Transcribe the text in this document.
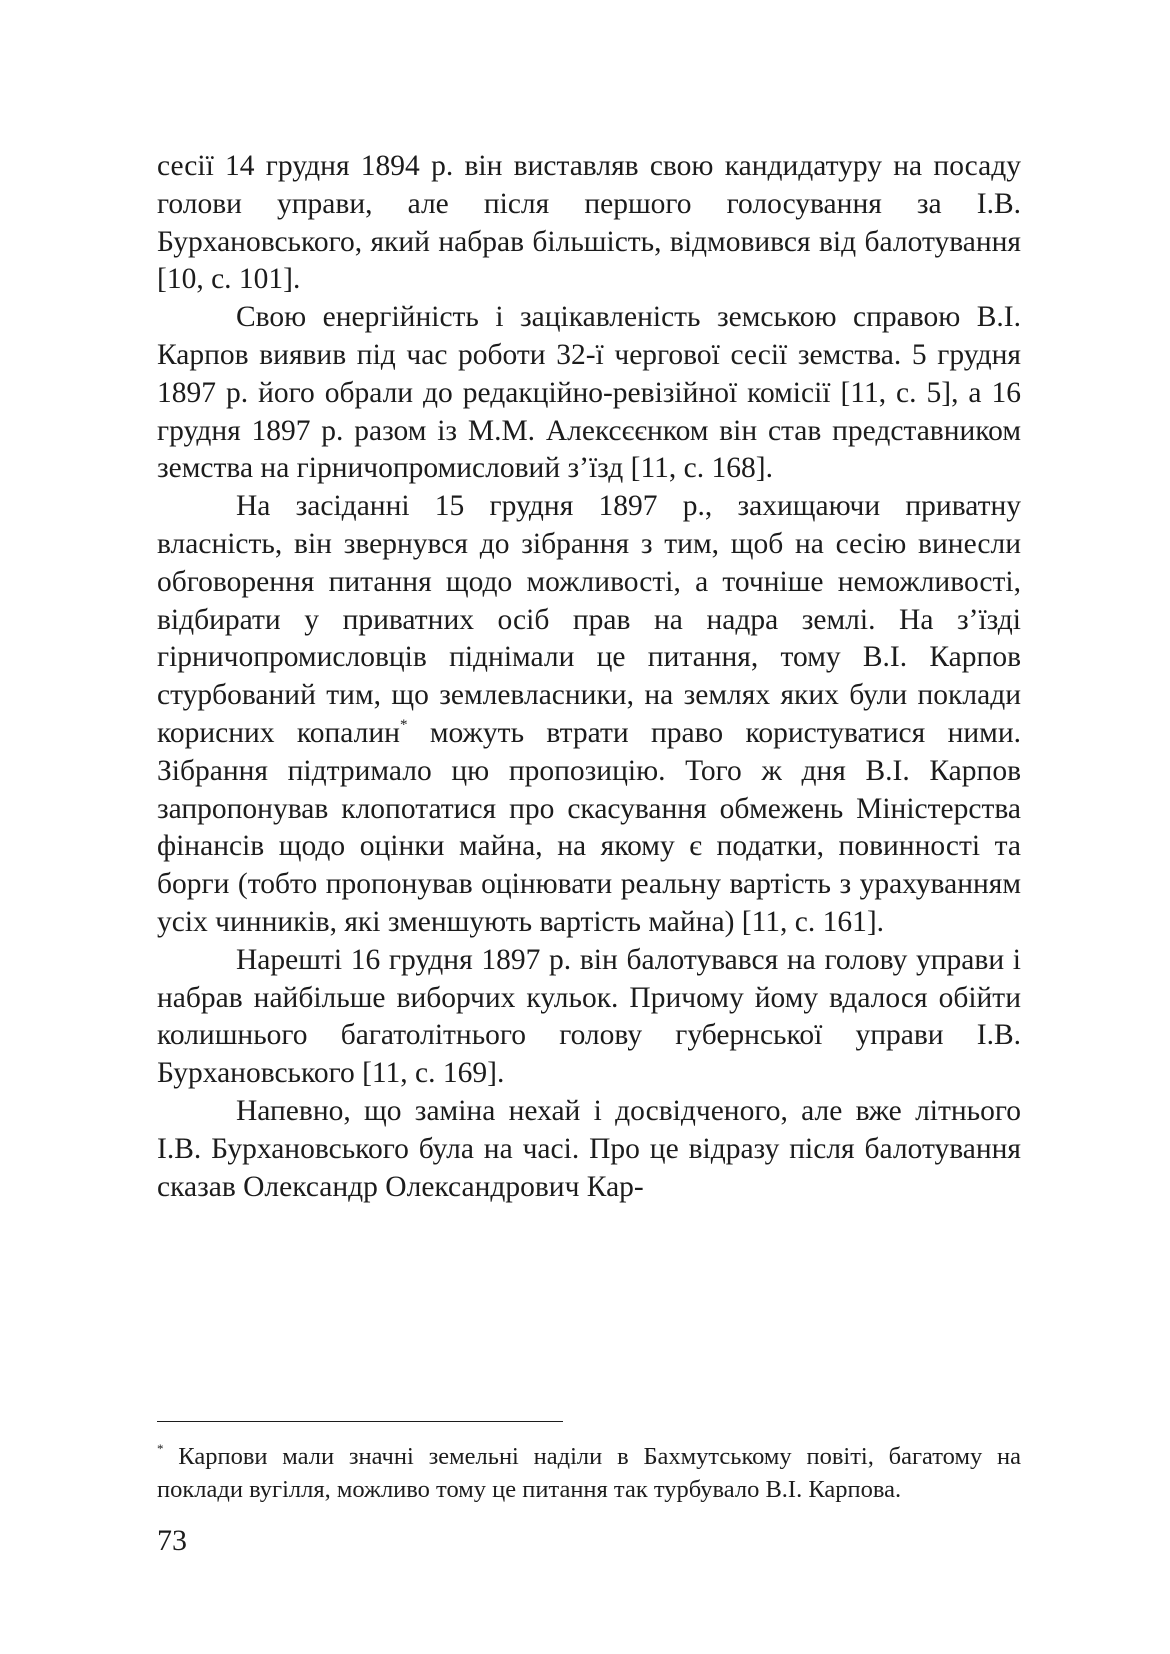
сесії 14 грудня 1894 р. він виставляв свою кандидатуру на посаду голови управи, але після першого голосування за І.В. Бурхановського, який набрав більшість, відмовився від балотування [10, с. 101].

Свою енергійність і зацікавленість земською справою В.І. Карпов виявив під час роботи 32-ї чергової сесії земства. 5 грудня 1897 р. його обрали до редакційно-ревізійної комісії [11, с. 5], а 16 грудня 1897 р. разом із М.М. Алексєєнком він став представником земства на гірничопромисловий з’їзд [11, с. 168].

На засіданні 15 грудня 1897 р., захищаючи приватну власність, він звернувся до зібрання з тим, щоб на сесію винесли обговорення питання щодо можливості, а точніше неможливості, відбирати у приватних осіб прав на надра землі. На з’їзді гірничопромисловців піднімали це питання, тому В.І. Карпов стурбований тим, що землевласники, на землях яких були поклади корисних копалин* можуть втрати право користуватися ними. Зібрання підтримало цю пропозицію. Того ж дня В.І. Карпов запропонував клопотатися про скасування обмежень Міністерства фінансів щодо оцінки майна, на якому є податки, повинності та борги (тобто пропонував оцінювати реальну вартість з урахуванням усіх чинників, які зменшують вартість майна) [11, с. 161].

Нарешті 16 грудня 1897 р. він балотувався на голову управи і набрав найбільше виборчих кульок. Причому йому вдалося обійти колишнього багатолітнього голову губернської управи І.В. Бурхановського [11, с. 169].

Напевно, що заміна нехай і досвідченого, але вже літнього І.В. Бурхановського була на часі. Про це відразу після балотування сказав Олександр Олександрович Кар-

* Карпови мали значні земельні наділи в Бахмутському повіті, багатому на поклади вугілля, можливо тому це питання так турбувало В.І. Карпова.

73
